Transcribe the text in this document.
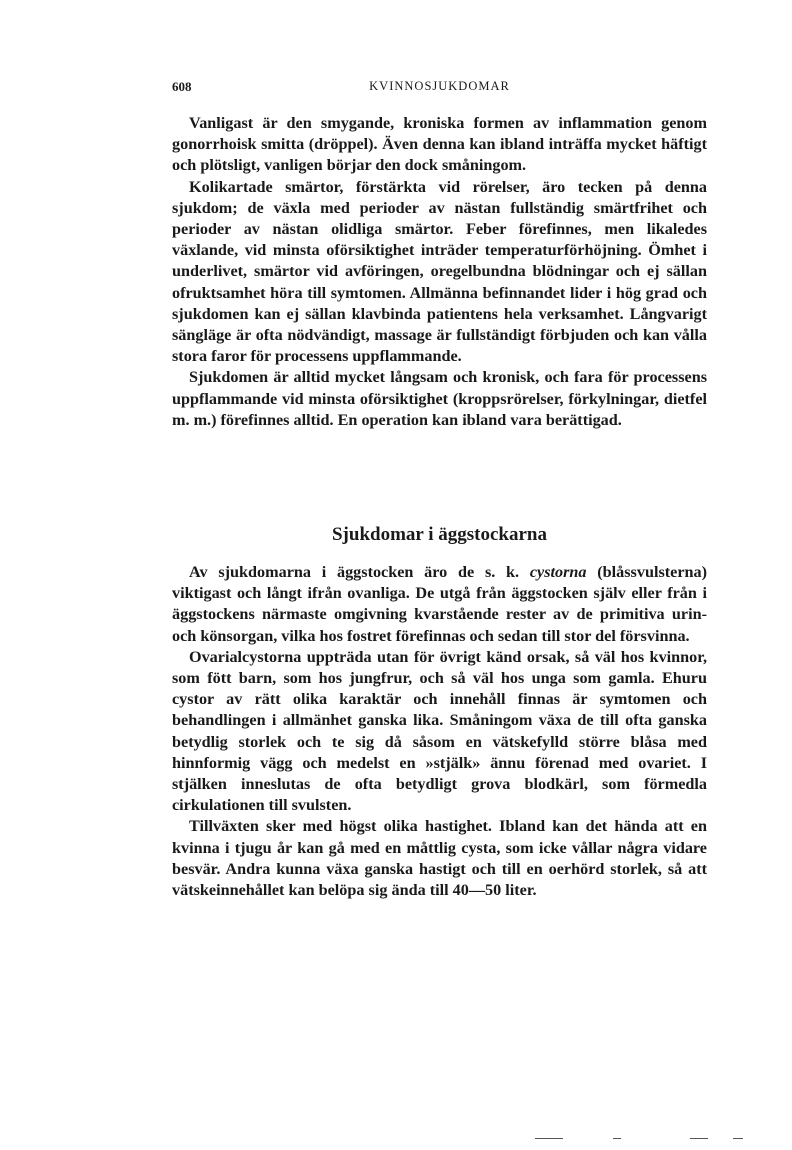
608	KVINNOSJUKDOMAR

Vanligast är den smygande, kroniska formen av inflammation genom gonorrhoisk smitta (dröppel). Även denna kan ibland inträffa mycket häftigt och plötsligt, vanligen börjar den dock småningom.

Kolikartade smärtor, förstärkta vid rörelser, äro tecken på denna sjukdom; de växla med perioder av nästan fullständig smärtfrihet och perioder av nästan olidliga smärtor. Feber förefinnes, men likaledes växlande, vid minsta oförsiktighet inträder temperaturförhöjning. Ömhet i underlivet, smärtor vid avföringen, oregelbundna blödningar och ej sällan ofruktsamhet höra till symtomen. Allmänna befinnandet lider i hög grad och sjukdomen kan ej sällan klavbinda patientens hela verksamhet. Långvarigt sängläge är ofta nödvändigt, massage är fullständigt förbjuden och kan vålla stora faror för processens uppflammande.

Sjukdomen är alltid mycket långsam och kronisk, och fara för processens uppflammande vid minsta oförsiktighet (kroppsrörelser, förkylningar, dietfel m. m.) förefinnes alltid. En operation kan ibland vara berättigad.

Sjukdomar i äggstockarna

Av sjukdomarna i äggstocken äro de s. k. cystorna (blåssvulsterna) viktigast och långt ifrån ovanliga. De utgå från äggstocken själv eller från i äggstockens närmaste omgivning kvarstående rester av de primitiva urin- och könsorgan, vilka hos fostret förefinnas och sedan till stor del försvinna.

Ovarialcystorna uppträda utan för övrigt känd orsak, så väl hos kvinnor, som fött barn, som hos jungfrur, och så väl hos unga som gamla. Ehuru cystor av rätt olika karaktär och innehåll finnas är symtomen och behandlingen i allmänhet ganska lika. Småningom växa de till ofta ganska betydlig storlek och te sig då såsom en vätskefylld större blåsa med hinnformig vägg och medelst en »stjälk» ännu förenad med ovariet. I stjälken inneslutas de ofta betydligt grova blodkärl, som förmedla cirkulationen till svulsten.

Tillväxten sker med högst olika hastighet. Ibland kan det hända att en kvinna i tjugu år kan gå med en måttlig cysta, som icke vållar några vidare besvär. Andra kunna växa ganska hastigt och till en oerhörd storlek, så att vätskeinnehållet kan belöpa sig ända till 40—50 liter.
